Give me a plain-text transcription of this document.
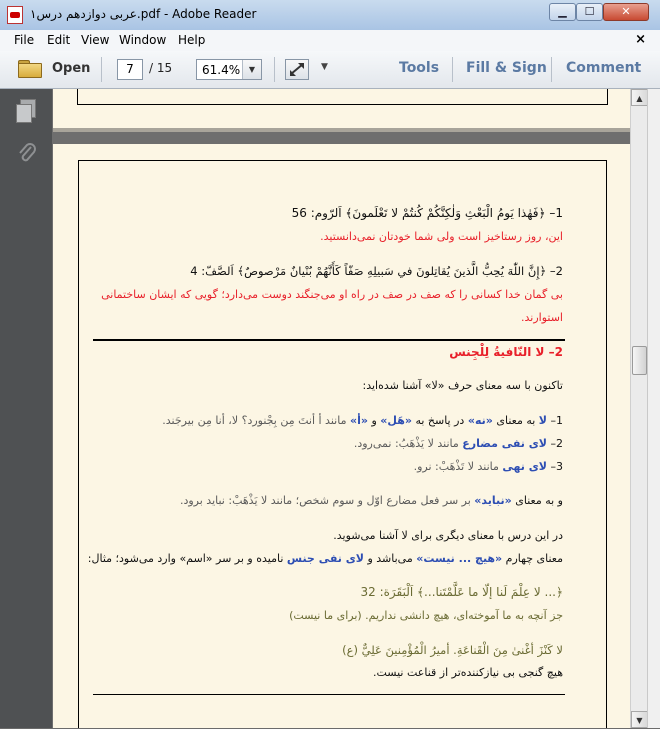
عربی دوازدهم درس۱.pdf - Adobe Reader	▁	☐	✕
File Edit View Window Help	×
Open	7	/ 15 61.4%	▼	▼	Tools Fill & Sign Comment
1– ﴿فَهٰذا يَومُ الْبَعْثِ وَلٰكِنَّكُمْ كُنتُمْ لا تَعْلَمونَ﴾ اَلرّوم: 56
این، روز رستاخیز است ولی شما خودتان نمی‌دانستید.
2– ﴿إِنَّ اللّٰهَ يُحِبُّ الَّذينَ يُقاتِلونَ في سَبيلِهِ صَفّاً كَأَنَّهُمْ بُنْيانٌ مَرْصوصٌ﴾ اَلصَّفّ: 4
بی گمان خدا کسانی را که صف در صف در راه او می‌جنگند دوست می‌دارد؛ گویی که ایشان ساختمانی
استوارند.
2– لا النّافيةُ لِلْجِنس
تاکنون با سه معنای حرف «لا» آشنا شده‌اید:
1– لا به معنای «نه» در پاسخ به «هَل» و «أ» مانند أ أنتَ مِن بِجْنورد؟ لا، أنا مِن بيرجَند.
2– لای نفی مضارع مانند لا يَذْهَبُ: نمی‌رود.
3– لای نهی مانند لا تَذْهَبْ: نرو.
و به معنای «نباید» بر سر فعل مضارع اوّل و سوم شخص؛ مانند لا يَذْهَبْ: نباید برود.
در این درس با معنای دیگری برای لا آشنا می‌شوید.
معنای چهارم «هیچ ... نیست» می‌باشد و لای نفی جنس نامیده و بر سر «اسم» وارد می‌شود؛ مثال:
﴿... لا عِلْمَ لَنا إلّا ما عَلَّمْتَنا...﴾ اَلْبَقَرَة: 32
جز آنچه به ما آموخته‌ای، هیچ دانشی نداریم. (برای ما نیست)
لا كَنْزَ أغْنىٰ مِنَ الْقَناعَةِ. أميرُ الْمُؤْمِنينَ عَلِيٌّ (ع)
هیچ گنجی بی نیازکننده‌تر از قناعت نیست.
▲
▼
